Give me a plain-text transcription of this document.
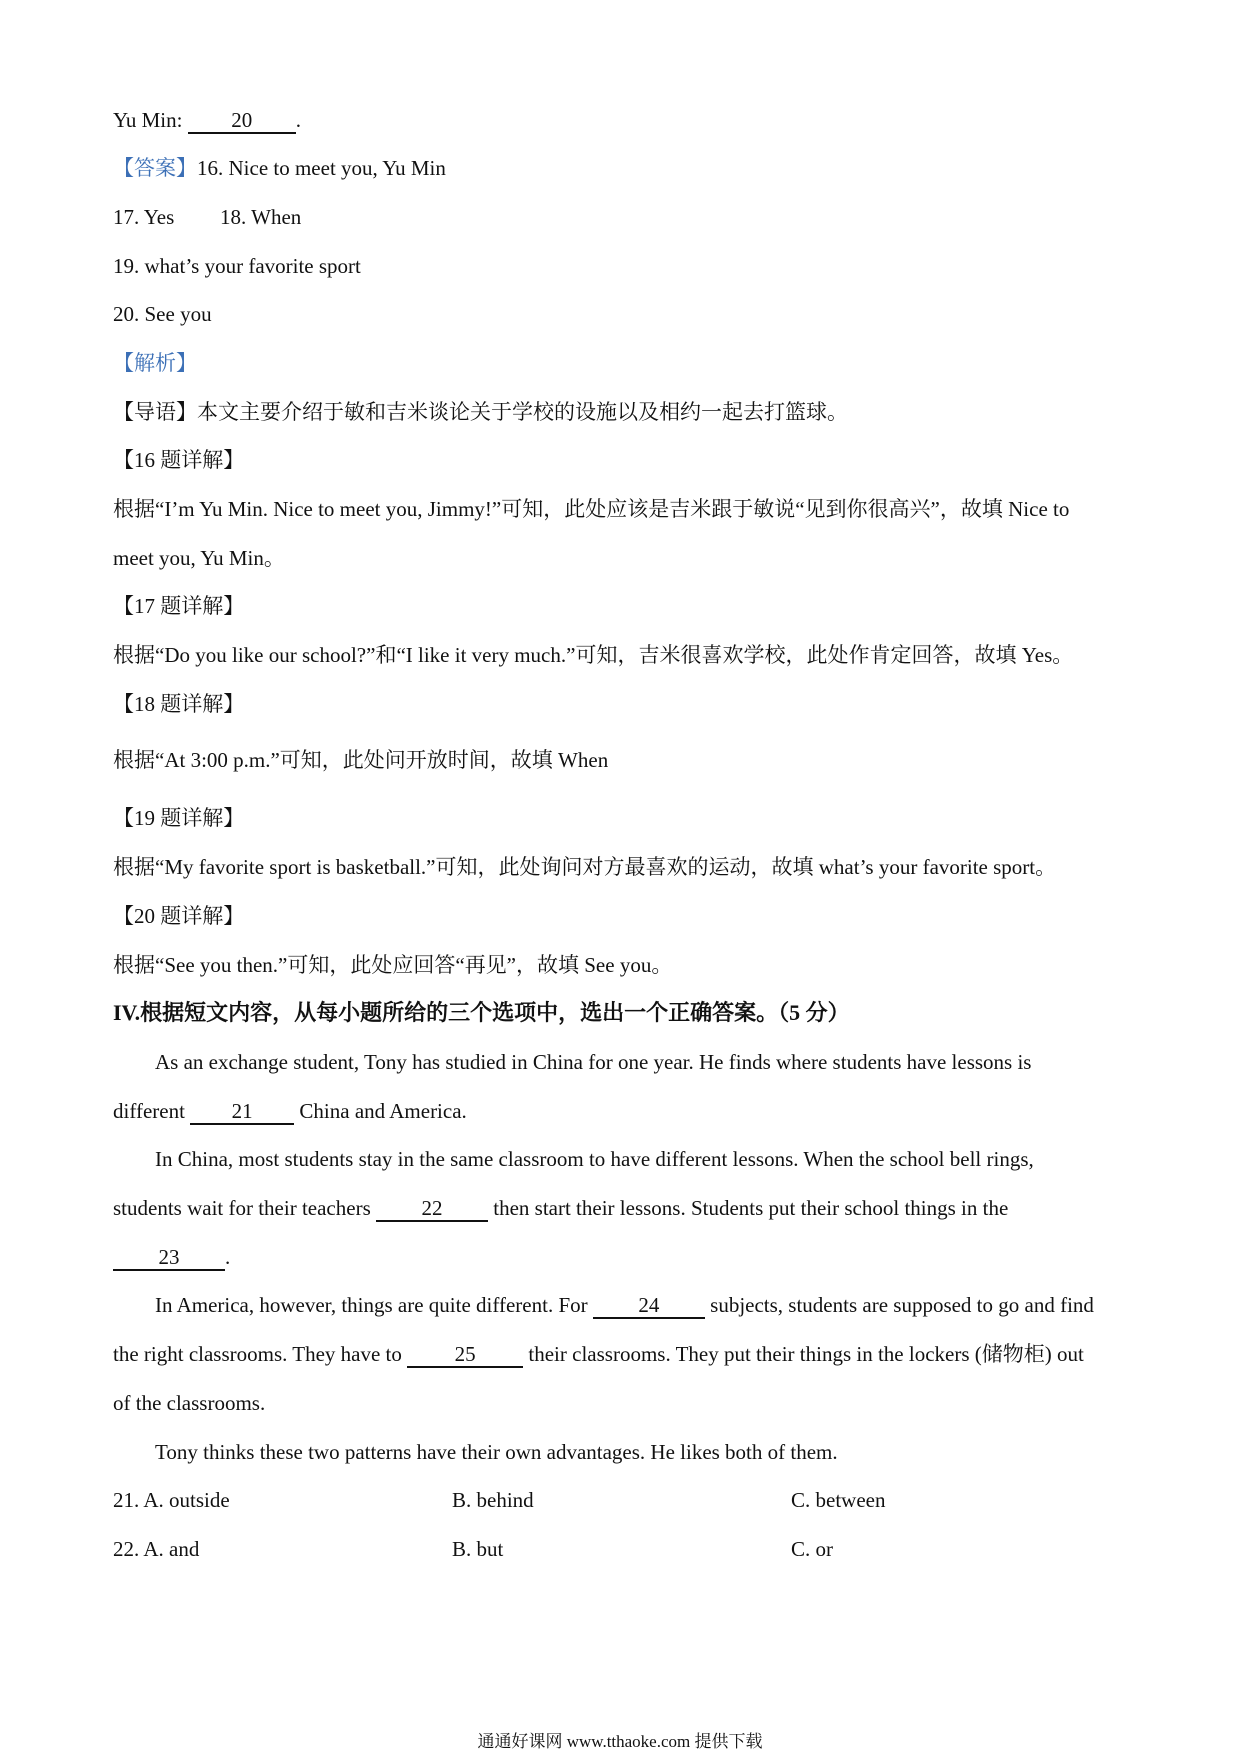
Yu Min: 20 .
【答案】16. Nice to meet you, Yu Min
17. Yes 18. When
19. what’s your favorite sport
20. See you
【解析】
【导语】本文主要介绍于敏和吉米谈论关于学校的设施以及相约一起去打篮球。
【16 题详解】
根据“I’m Yu Min. Nice to meet you, Jimmy!”可知，此处应该是吉米跟于敏说“见到你很高兴”，故填 Nice to
meet you, Yu Min。
【17 题详解】
根据“Do you like our school?”和“I like it very much.”可知，吉米很喜欢学校，此处作肯定回答，故填 Yes。
【18 题详解】
根据“At 3:00 p.m.”可知，此处问开放时间，故填 When
【19 题详解】
根据“My favorite sport is basketball.”可知，此处询问对方最喜欢的运动，故填 what’s your favorite sport。
【20 题详解】
根据“See you then.”可知，此处应回答“再见”，故填 See you。
IV.根据短文内容，从每小题所给的三个选项中，选出一个正确答案。（5 分）
As an exchange student, Tony has studied in China for one year. He finds where students have lessons is
different 21 China and America.
In China, most students stay in the same classroom to have different lessons. When the school bell rings,
students wait for their teachers 22 then start their lessons. Students put their school things in the
23 .
In America, however, things are quite different. For 24 subjects, students are supposed to go and find
the right classrooms. They have to	25	their classrooms. They put their things in the lockers (储物柜) out
of the classrooms.
Tony thinks these two patterns have their own advantages. He likes both of them.
21. A. outside	B. behind	C. between
22. A. and	B. but	C. or
通通好课网 www.tthaoke.com 提供下载
